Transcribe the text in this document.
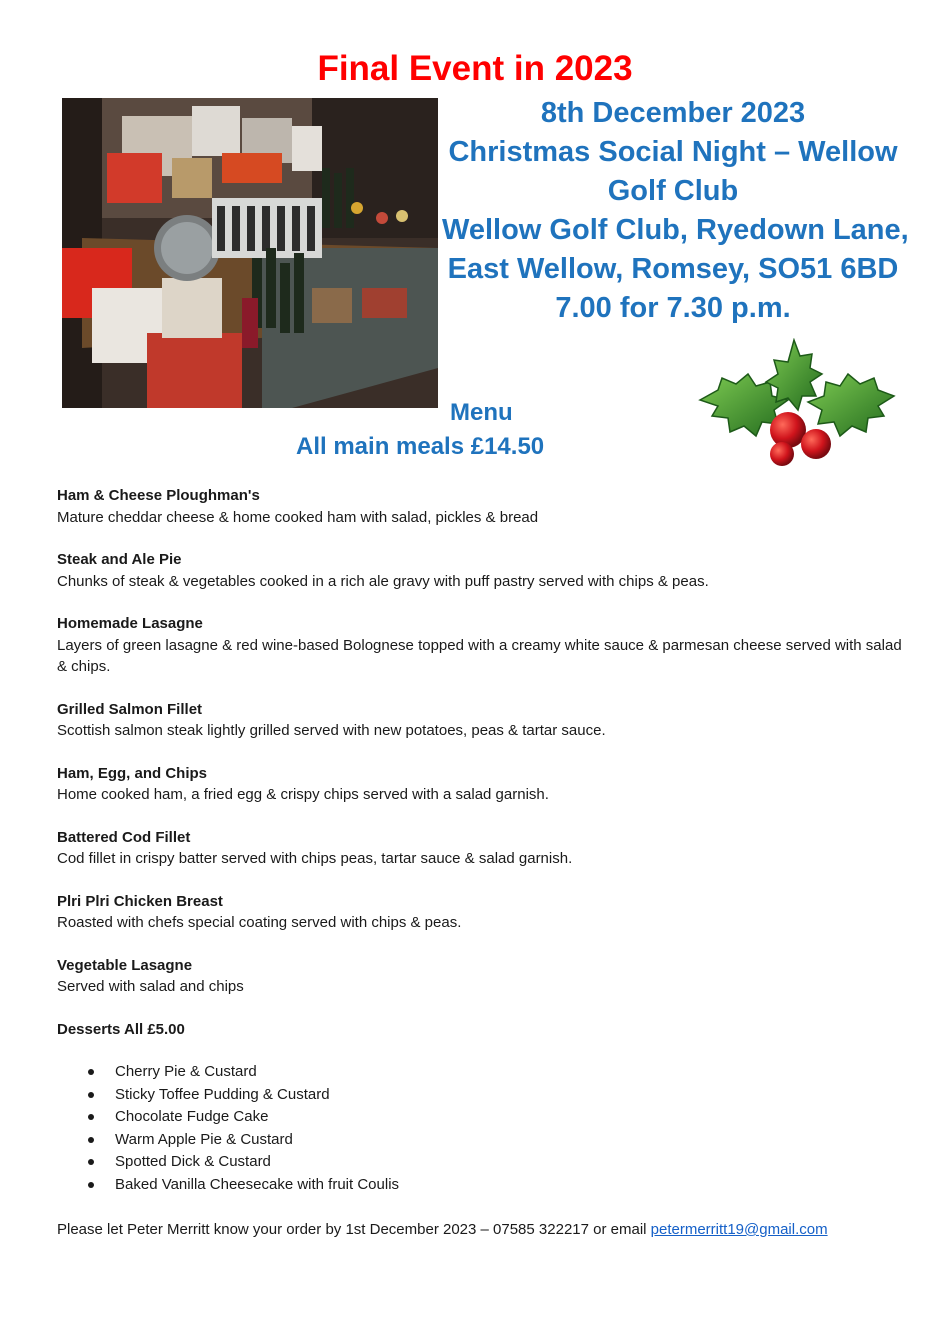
Final Event in 2023
8th December 2023
Christmas Social Night – Wellow
Golf Club
Wellow Golf Club, Ryedown Lane,
East Wellow, Romsey, SO51 6BD
7.00 for 7.30 p.m.
Menu
All main meals £14.50
Ham & Cheese Ploughman's
Mature cheddar cheese & home cooked ham with salad, pickles & bread
Steak and Ale Pie
Chunks of steak & vegetables cooked in a rich ale gravy with puff pastry served with chips & peas.
Homemade Lasagne
Layers of green lasagne & red wine-based Bolognese topped with a creamy white sauce & parmesan cheese served with salad & chips.
Grilled Salmon Fillet
Scottish salmon steak lightly grilled served with new potatoes, peas & tartar sauce.
Ham, Egg, and Chips
Home cooked ham, a fried egg & crispy chips served with a salad garnish.
Battered Cod Fillet
Cod fillet in crispy batter served with chips peas, tartar sauce & salad garnish.
Plri Plri Chicken Breast
Roasted with chefs special coating served with chips & peas.
Vegetable Lasagne
Served with salad and chips
Desserts All £5.00
Cherry Pie & Custard
Sticky Toffee Pudding & Custard
Chocolate Fudge Cake
Warm Apple Pie & Custard
Spotted Dick & Custard
Baked Vanilla Cheesecake with fruit Coulis
Please let Peter Merritt know your order by 1st December 2023 – 07585 322217 or email petermerritt19@gmail.com
